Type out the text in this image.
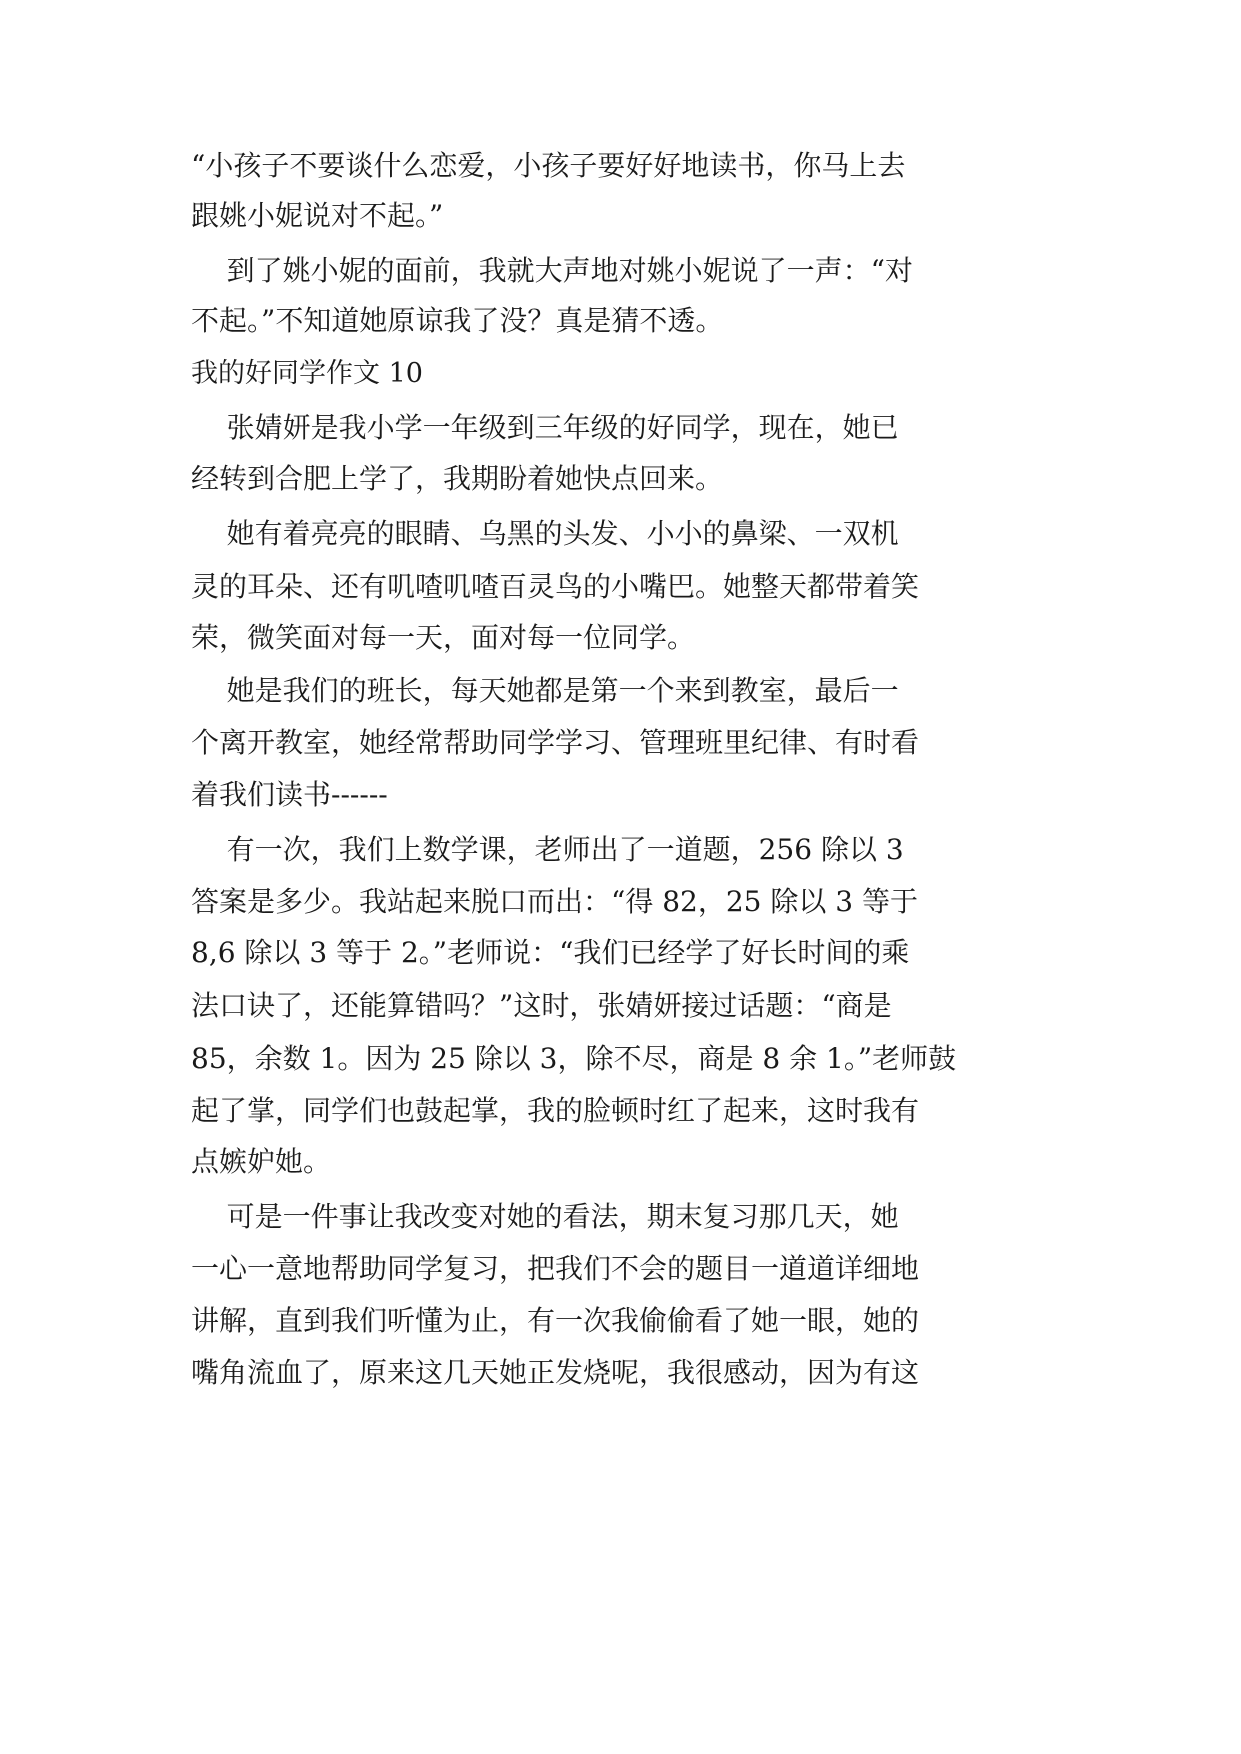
“小孩子不要谈什么恋爱，小孩子要好好地读书，你马上去
跟姚小妮说对不起。”
到了姚小妮的面前，我就大声地对姚小妮说了一声：“对
不起。”不知道她原谅我了没？真是猜不透。
我的好同学作文 10
张婧妍是我小学一年级到三年级的好同学，现在，她已
经转到合肥上学了，我期盼着她快点回来。
她有着亮亮的眼睛、乌黑的头发、小小的鼻梁、一双机
灵的耳朵、还有叽喳叽喳百灵鸟的小嘴巴。她整天都带着笑
荣，微笑面对每一天，面对每一位同学。
她是我们的班长，每天她都是第一个来到教室，最后一
个离开教室，她经常帮助同学学习、管理班里纪律、有时看
着我们读书------
有一次，我们上数学课，老师出了一道题，256 除以 3
答案是多少。我站起来脱口而出：“得 82，25 除以 3 等于
8,6 除以 3 等于 2。”老师说：“我们已经学了好长时间的乘
法口诀了，还能算错吗？”这时，张婧妍接过话题：“商是
85，余数 1。因为 25 除以 3，除不尽，商是 8 余 1。”老师鼓
起了掌，同学们也鼓起掌，我的脸顿时红了起来，这时我有
点嫉妒她。
可是一件事让我改变对她的看法，期末复习那几天，她
一心一意地帮助同学复习，把我们不会的题目一道道详细地
讲解，直到我们听懂为止，有一次我偷偷看了她一眼，她的
嘴角流血了，原来这几天她正发烧呢，我很感动，因为有这
